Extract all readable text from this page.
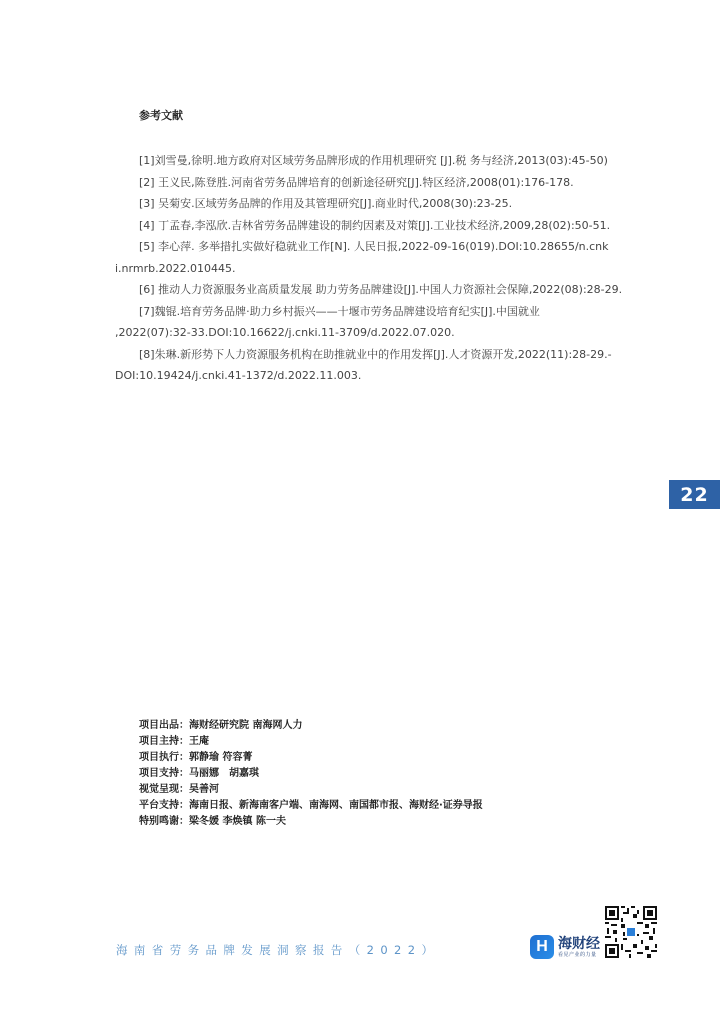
参考文献

[1]刘雪曼,徐明.地方政府对区域劳务品牌形成的作用机理研究 [J].税 务与经济,2013(03):45-50)

[2] 王义民,陈登胜.河南省劳务品牌培育的创新途径研究[J].特区经济,2008(01):176-178.

[3] 吴菊安.区域劳务品牌的作用及其管理研究[J].商业时代,2008(30):23-25.

[4] 丁孟春,李泓欣.吉林省劳务品牌建设的制约因素及对策[J].工业技术经济,2009,28(02):50-51.

[5] 李心萍. 多举措扎实做好稳就业工作[N]. 人民日报,2022-09-16(019).DOI:10.28655/n.cnk
i.nrmrb.2022.010445.

[6] 推动人力资源服务业高质量发展 助力劳务品牌建设[J].中国人力资源社会保障,2022(08):28-29.

[7]魏锟.培育劳务品牌·助力乡村振兴——十堰市劳务品牌建设培育纪实[J].中国就业
,2022(07):32-33.DOI:10.16622/j.cnki.11-3709/d.2022.07.020.

[8]朱琳.新形势下人力资源服务机构在助推就业中的作用发挥[J].人才资源开发,2022(11):28-29.-
DOI:10.19424/j.cnki.41-1372/d.2022.11.003.

22
项目出品：海财经研究院 南海网人力
项目主持：王庵
项目执行：郭静瑜 符容菁
项目支持：马丽娜　胡嘉琪
视觉呈现：吴善河
平台支持：海南日报、新海南客户端、南海网、南国都市报、海财经·证券导报
特别鸣谢：梁冬媛 李焕镇 陈一夫
海南省劳务品牌发展洞察报告（2022）	H 海财经
看见产业的力量
